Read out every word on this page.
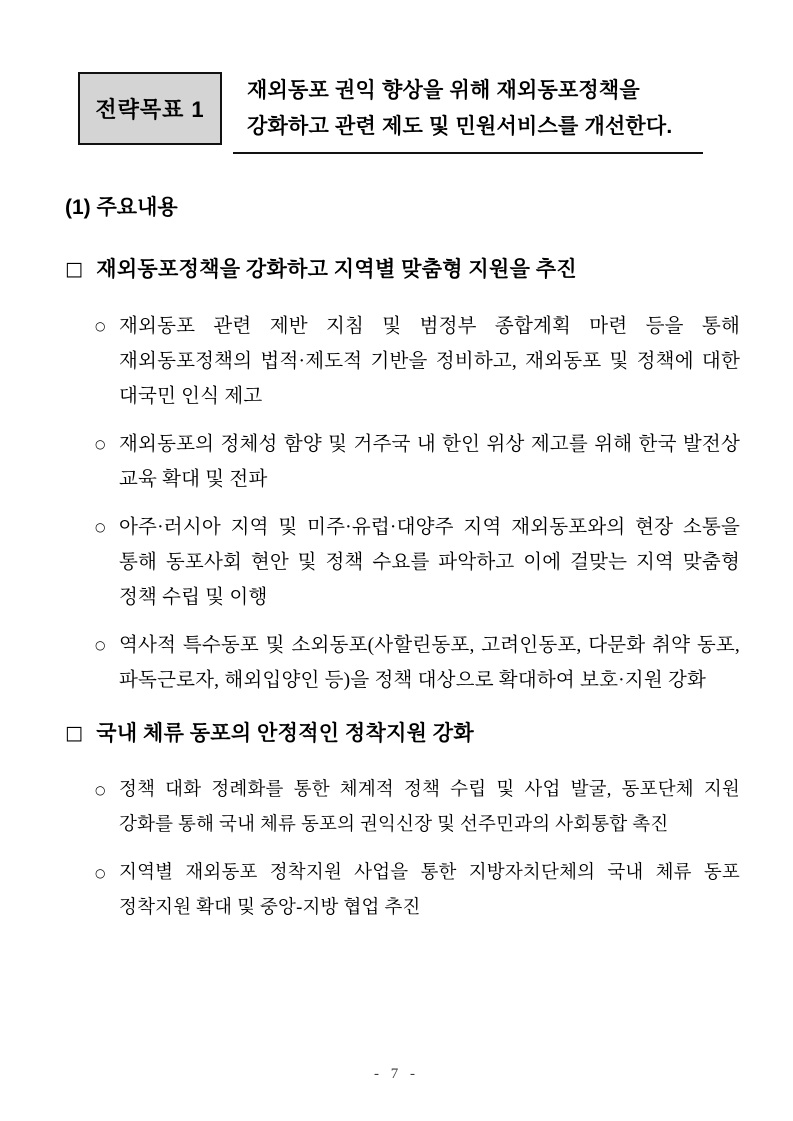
전략목표 1
재외동포 권익 향상을 위해 재외동포정책을
강화하고 관련 제도 및 민원서비스를 개선한다.
(1) 주요내용
□ 재외동포정책을 강화하고 지역별 맞춤형 지원을 추진
○ 재외동포 관련 제반 지침 및 범정부 종합계획 마련 등을 통해 재외동포정책의 법적·제도적 기반을 정비하고, 재외동포 및 정책에 대한 대국민 인식 제고

○ 재외동포의 정체성 함양 및 거주국 내 한인 위상 제고를 위해 한국 발전상 교육 확대 및 전파

○ 아주·러시아 지역 및 미주·유럽·대양주 지역 재외동포와의 현장 소통을 통해 동포사회 현안 및 정책 수요를 파악하고 이에 걸맞는 지역 맞춤형 정책 수립 및 이행

○ 역사적 특수동포 및 소외동포(사할린동포, 고려인동포, 다문화 취약 동포, 파독근로자, 해외입양인 등)을 정책 대상으로 확대하여 보호·지원 강화

□ 국내 체류 동포의 안정적인 정착지원 강화
○ 정책 대화 정례화를 통한 체계적 정책 수립 및 사업 발굴, 동포단체 지원 강화를 통해 국내 체류 동포의 권익신장 및 선주민과의 사회통합 촉진

○ 지역별 재외동포 정착지원 사업을 통한 지방자치단체의 국내 체류 동포 정착지원 확대 및 중앙-지방 협업 추진

- 7 -
